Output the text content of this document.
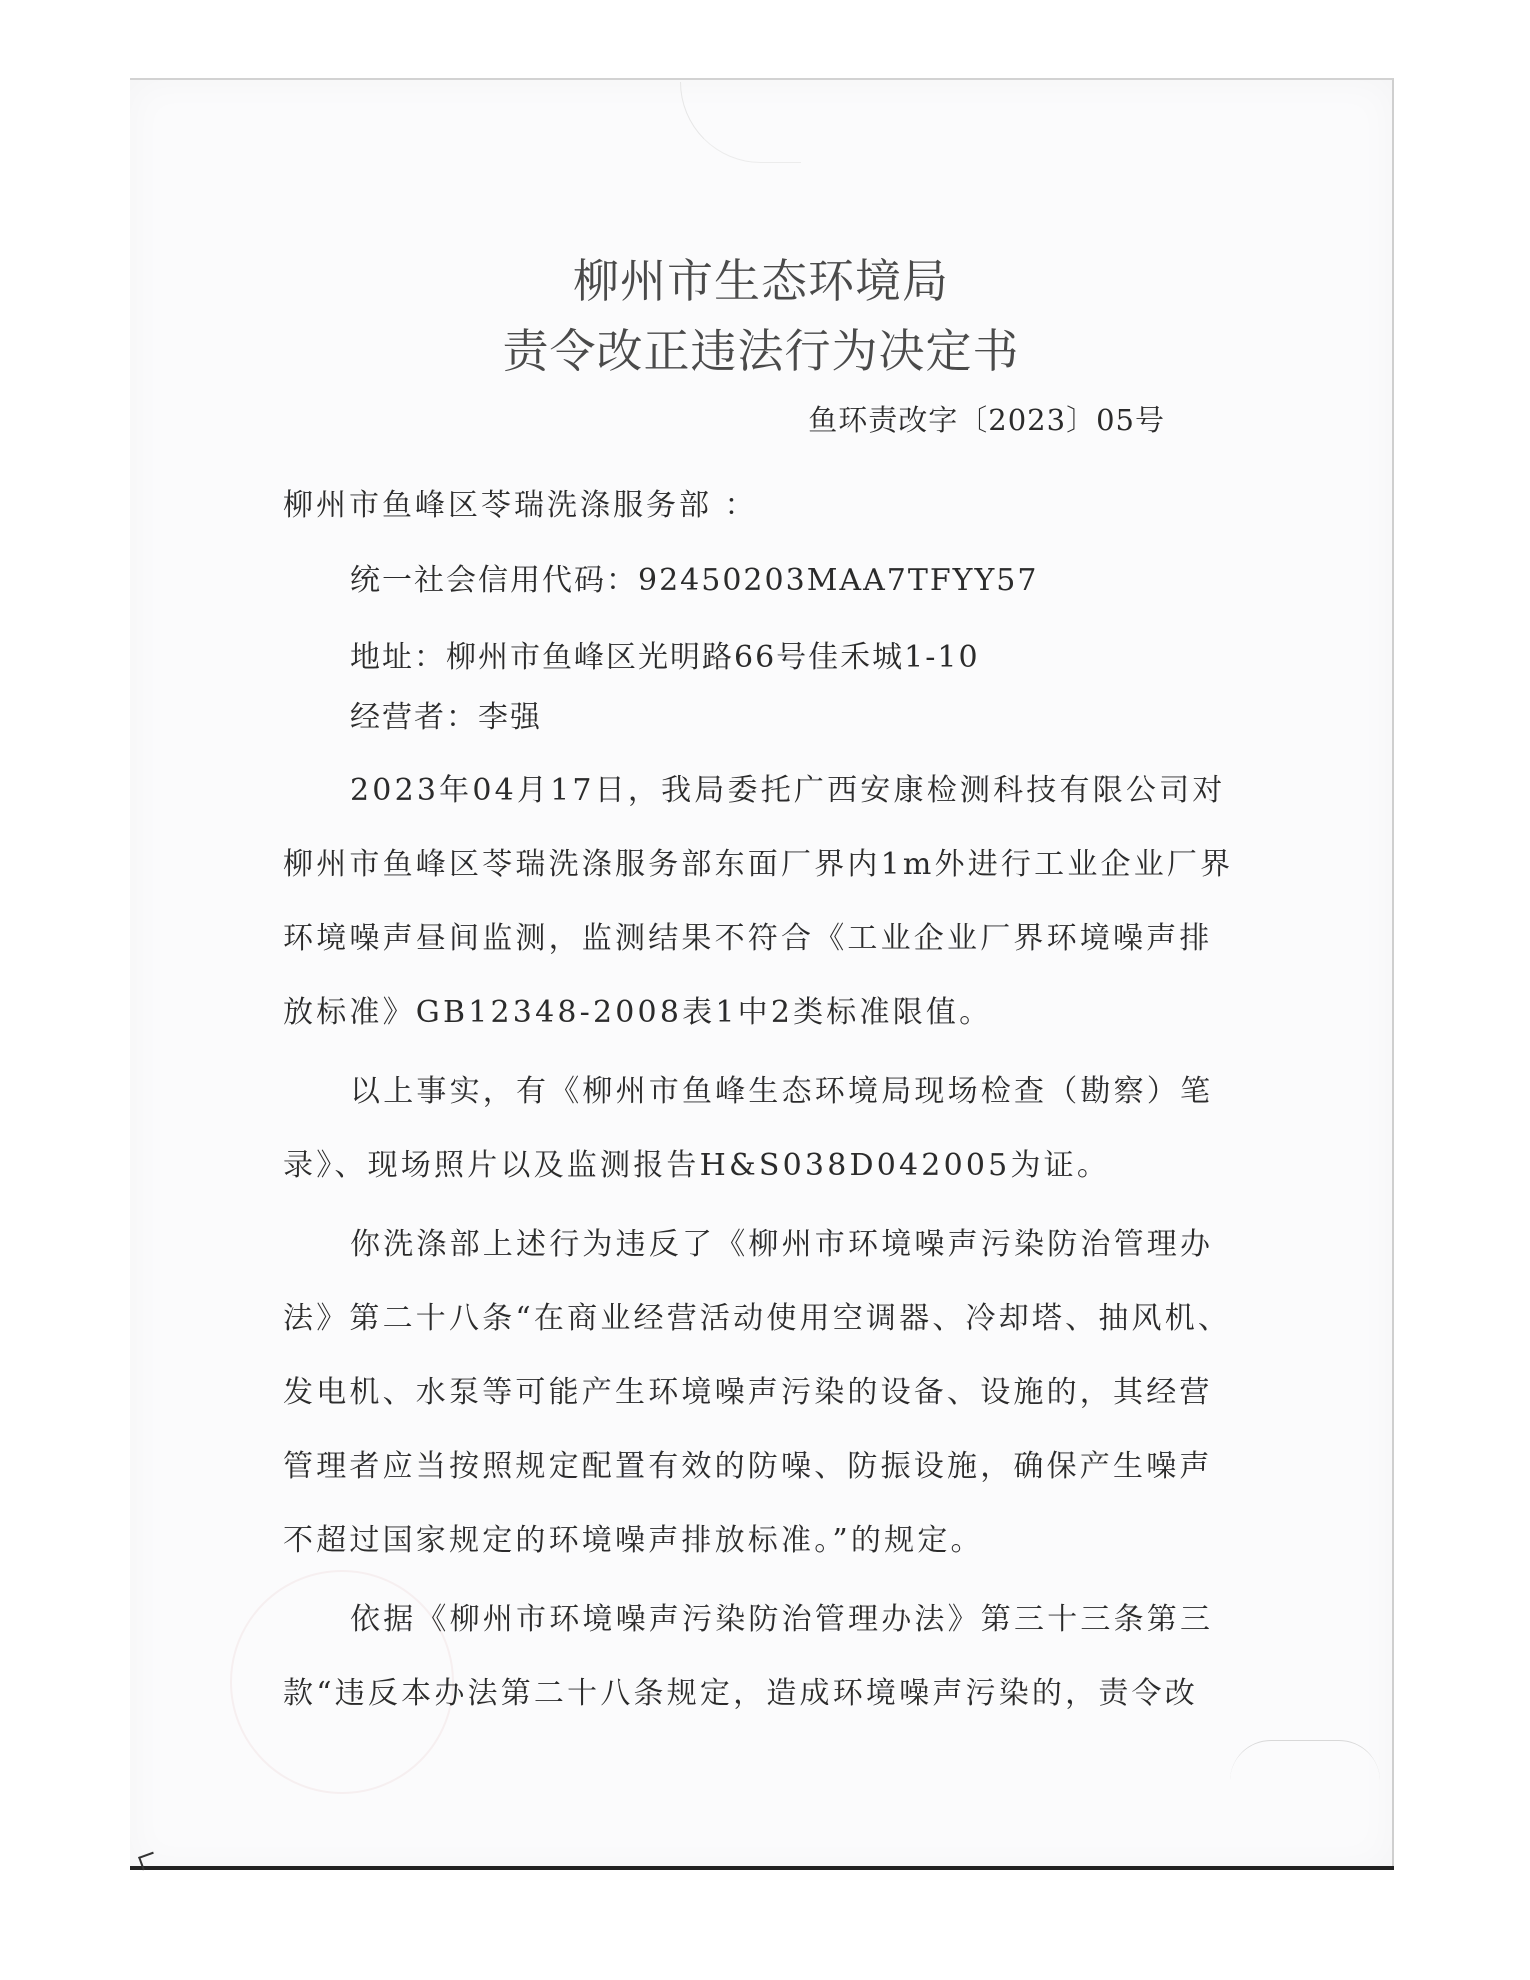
柳州市生态环境局
责令改正违法行为决定书
鱼环责改字〔2023〕05号
柳州市鱼峰区苓瑞洗涤服务部 ：
统一社会信用代码：92450203MAA7TFYY57
地址：柳州市鱼峰区光明路66号佳禾城1-10
经营者：李强
2023年04月17日，我局委托广西安康检测科技有限公司对
柳州市鱼峰区苓瑞洗涤服务部东面厂界内1m外进行工业企业厂界
环境噪声昼间监测，监测结果不符合《工业企业厂界环境噪声排
放标准》GB12348-2008表1中2类标准限值。
以上事实，有《柳州市鱼峰生态环境局现场检查（勘察）笔
录》、现场照片以及监测报告H&S038D042005为证。
你洗涤部上述行为违反了《柳州市环境噪声污染防治管理办
法》第二十八条“在商业经营活动使用空调器、冷却塔、抽风机、
发电机、水泵等可能产生环境噪声污染的设备、设施的，其经营
管理者应当按照规定配置有效的防噪、防振设施，确保产生噪声
不超过国家规定的环境噪声排放标准。”的规定。
依据《柳州市环境噪声污染防治管理办法》第三十三条第三
款“违反本办法第二十八条规定，造成环境噪声污染的，责令改
